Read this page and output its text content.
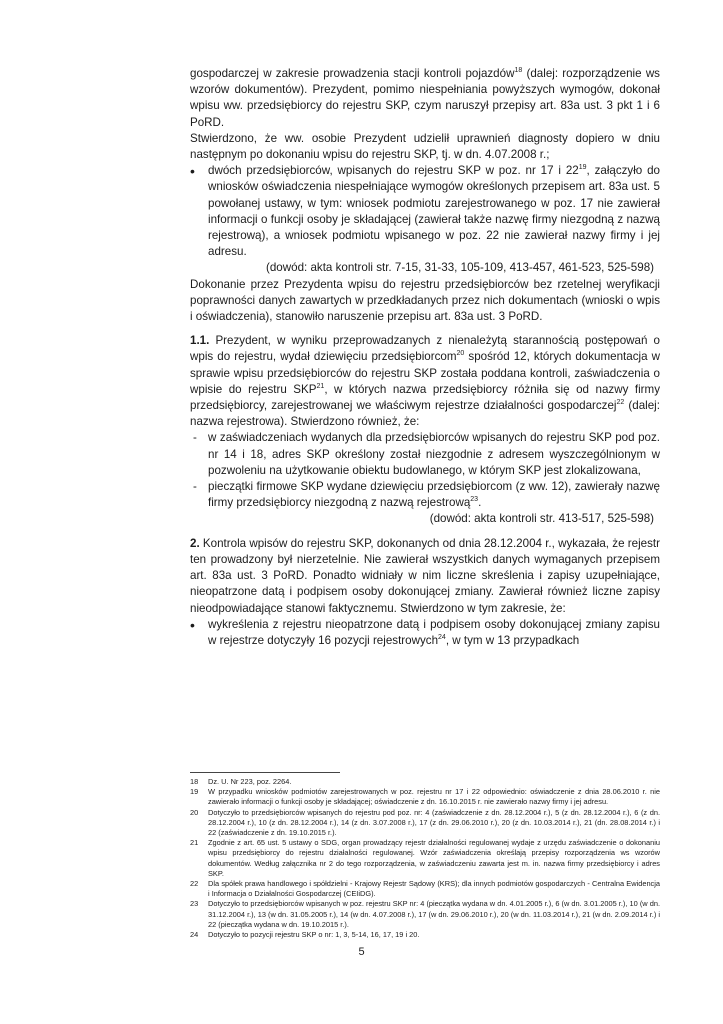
gospodarczej w zakresie prowadzenia stacji kontroli pojazdów$^{18}$ (dalej: rozporządzenie ws wzorów dokumentów). Prezydent, pomimo niespełniania powyższych wymogów, dokonał wpisu ww. przedsiębiorcy do rejestru SKP, czym naruszył przepisy art. 83a ust. 3 pkt 1 i 6 PoRD.

Stwierdzono, że ww. osobie Prezydent udzielił uprawnień diagnosty dopiero w dniu następnym po dokonaniu wpisu do rejestru SKP, tj. w dn. 4.07.2008 r.;

• dwóch przedsiębiorców, wpisanych do rejestru SKP w poz. nr 17 i $22^{19}$, załączyło do wniosków oświadczenia niespełniające wymogów określonych przepisem art. 83a ust. 5 powołanej ustawy, w tym: wniosek podmiotu zarejestrowanego w poz. 17 nie zawierał informacji o funkcji osoby je składającej (zawierał także nazwę firmy niezgodną z nazwą rejestrową), a wniosek podmiotu wpisanego w poz. 22 nie zawierał nazwy firmy i jej adresu.

(dowód: akta kontroli str. 7-15, 31-33, 105-109, 413-457, 461-523, 525-598)

Dokonanie przez Prezydenta wpisu do rejestru przedsiębiorców bez rzetelnej weryfikacji poprawności danych zawartych w przedkładanych przez nich dokumentach (wnioski o wpis i oświadczenia), stanowiło naruszenie przepisu art. 83a ust. 3 PoRD.

1.1. Prezydent, w wyniku przeprowadzanych z nienależytą starannością postępowań o wpis do rejestru, wydał dziewięciu przedsiębiorcom$^{20}$ spośród 12, których dokumentacja w sprawie wpisu przedsiębiorców do rejestru SKP została poddana kontroli, zaświadczenia o wpisie do rejestru SKP$^{21}$, w których nazwa przedsiębiorcy różniła się od nazwy firmy przedsiębiorcy, zarejestrowanej we właściwym rejestrze działalności gospodarczej$^{22}$ (dalej: nazwa rejestrowa). Stwierdzono również, że:

- w zaświadczeniach wydanych dla przedsiębiorców wpisanych do rejestru SKP pod poz. nr 14 i 18, adres SKP określony został niezgodnie z adresem wyszczególnionym w pozwoleniu na użytkowanie obiektu budowlanego, w którym SKP jest zlokalizowana,

- pieczątki firmowe SKP wydane dziewięciu przedsiębiorcom (z ww. 12), zawierały nazwę firmy przedsiębiorcy niezgodną z nazwą rejestrową$^{23}$.

(dowód: akta kontroli str. 413-517, 525-598)

2. Kontrola wpisów do rejestru SKP, dokonanych od dnia 28.12.2004 r., wykazała, że rejestr ten prowadzony był nierzetelnie. Nie zawierał wszystkich danych wymaganych przepisem art. 83a ust. 3 PoRD. Ponadto widniały w nim liczne skreślenia i zapisy uzupełniające, nieopatrzone datą i podpisem osoby dokonującej zmiany. Zawierał również liczne zapisy nieodpowiadające stanowi faktycznemu. Stwierdzono w tym zakresie, że:

• wykreślenia z rejestru nieopatrzone datą i podpisem osoby dokonującej zmiany zapisu w rejestrze dotyczyły 16 pozycji rejestrowych$^{24}$, w tym w 13 przypadkach

18 Dz. U. Nr 223, poz. 2264.

19 W przypadku wniosków podmiotów zarejestrowanych w poz. rejestru nr 17 i 22 odpowiednio: oświadczenie z dnia 28.06.2010 r. nie zawierało informacji o funkcji osoby je składającej; oświadczenie z dn. 16.10.2015 r. nie zawierało nazwy firmy i jej adresu.

20 Dotyczyło to przedsiębiorców wpisanych do rejestru pod poz. nr: 4 (zaświadczenie z dn. 28.12.2004 r.), 5 (z dn. 28.12.2004 r.), 6 (z dn. 28.12.2004 r.), 10 (z dn. 28.12.2004 r.), 14 (z dn. 3.07.2008 r.), 17 (z dn. 29.06.2010 r.), 20 (z dn. 10.03.2014 r.), 21 (dn. 28.08.2014 r.) i 22 (zaświadczenie z dn. 19.10.2015 r.).

21 Zgodnie z art. 65 ust. 5 ustawy o SDG, organ prowadzący rejestr działalności regulowanej wydaje z urzędu zaświadczenie o dokonaniu wpisu przedsiębiorcy do rejestru działalności regulowanej. Wzór zaświadczenia określają przepisy rozporządzenia ws wzorów dokumentów. Według załącznika nr 2 do tego rozporządzenia, w zaświadczeniu zawarta jest m. in. nazwa firmy przedsiębiorcy i adres SKP.

22 Dla spółek prawa handlowego i spółdzielni - Krajowy Rejestr Sądowy (KRS); dla innych podmiotów gospodarczych - Centralna Ewidencja i Informacja o Działalności Gospodarczej (CEIiDG).

23 Dotyczyło to przedsiębiorców wpisanych w poz. rejestru SKP nr: 4 (pieczątka wydana w dn. 4.01.2005 r.), 6 (w dn. 3.01.2005 r.), 10 (w dn. 31.12.2004 r.), 13 (w dn. 31.05.2005 r.), 14 (w dn. 4.07.2008 r.), 17 (w dn. 29.06.2010 r.), 20 (w dn. 11.03.2014 r.), 21 (w dn. 2.09.2014 r.) i 22 (pieczątka wydana w dn. 19.10.2015 r.).

24 Dotyczyło to pozycji rejestru SKP o nr: 1, 3, 5-14, 16, 17, 19 i 20.

5
